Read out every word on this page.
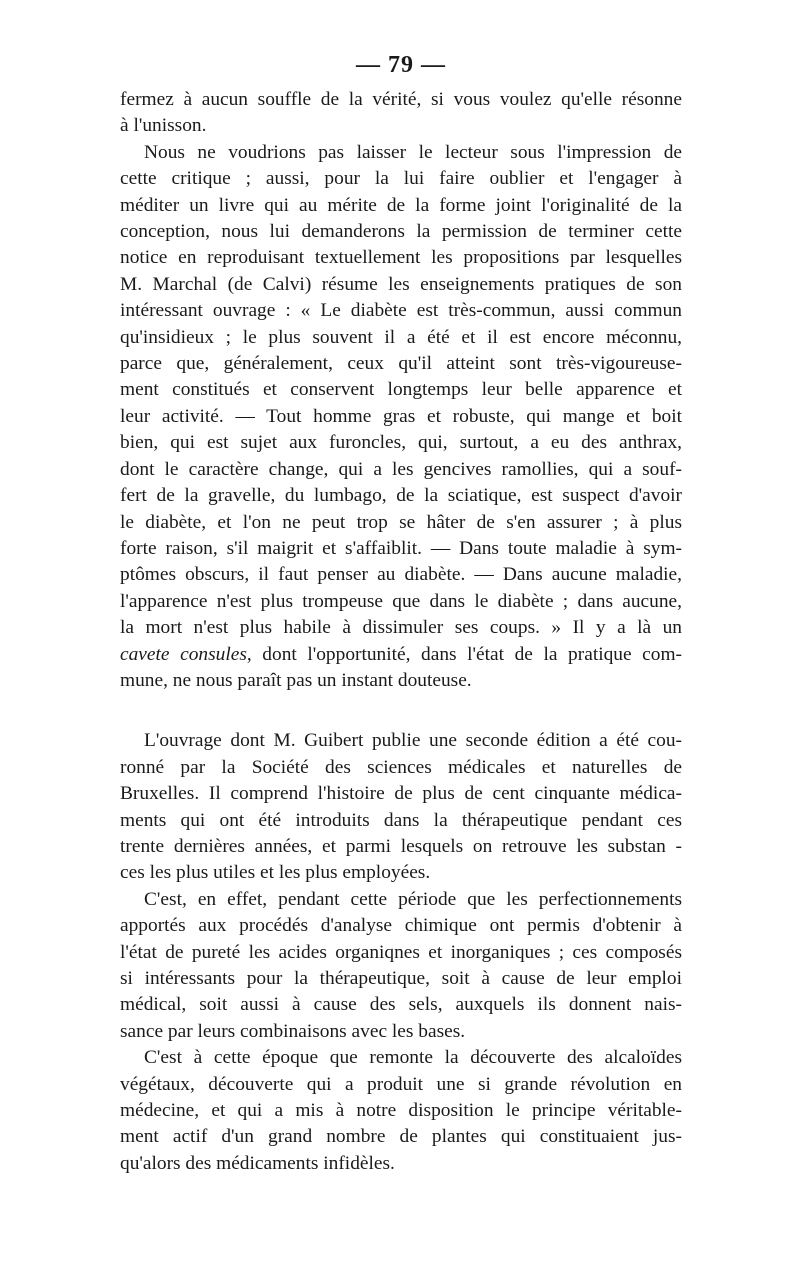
— 79 —

fermez à aucun souffle de la vérité, si vous voulez qu'elle résonne
à l'unisson.

Nous ne voudrions pas laisser le lecteur sous l'impression de
cette critique ; aussi, pour la lui faire oublier et l'engager à
méditer un livre qui au mérite de la forme joint l'originalité de la
conception, nous lui demanderons la permission de terminer cette
notice en reproduisant textuellement les propositions par lesquelles
M. Marchal (de Calvi) résume les enseignements pratiques de son
intéressant ouvrage : « Le diabète est très-commun, aussi commun
qu'insidieux ; le plus souvent il a été et il est encore méconnu,
parce que, généralement, ceux qu'il atteint sont très-vigoureuse-
ment constitués et conservent longtemps leur belle apparence et
leur activité. — Tout homme gras et robuste, qui mange et boit
bien, qui est sujet aux furoncles, qui, surtout, a eu des anthrax,
dont le caractère change, qui a les gencives ramollies, qui a souf-
fert de la gravelle, du lumbago, de la sciatique, est suspect d'avoir
le diabète, et l'on ne peut trop se hâter de s'en assurer ; à plus
forte raison, s'il maigrit et s'affaiblit. — Dans toute maladie à sym-
ptômes obscurs, il faut penser au diabète. — Dans aucune maladie,
l'apparence n'est plus trompeuse que dans le diabète ; dans aucune,
la mort n'est plus habile à dissimuler ses coups. » Il y a là un
cavete consules, dont l'opportunité, dans l'état de la pratique com-
mune, ne nous paraît pas un instant douteuse.

L'ouvrage dont M. Guibert publie une seconde édition a été cou-
ronné par la Société des sciences médicales et naturelles de
Bruxelles. Il comprend l'histoire de plus de cent cinquante médica-
ments qui ont été introduits dans la thérapeutique pendant ces
trente dernières années, et parmi lesquels on retrouve les substan -
ces les plus utiles et les plus employées.

C'est, en effet, pendant cette période que les perfectionnements
apportés aux procédés d'analyse chimique ont permis d'obtenir à
l'état de pureté les acides organiqnes et inorganiques ; ces composés
si intéressants pour la thérapeutique, soit à cause de leur emploi
médical, soit aussi à cause des sels, auxquels ils donnent nais-
sance par leurs combinaisons avec les bases.

C'est à cette époque que remonte la découverte des alcaloïdes
végétaux, découverte qui a produit une si grande révolution en
médecine, et qui a mis à notre disposition le principe véritable-
ment actif d'un grand nombre de plantes qui constituaient jus-
qu'alors des médicaments infidèles.
